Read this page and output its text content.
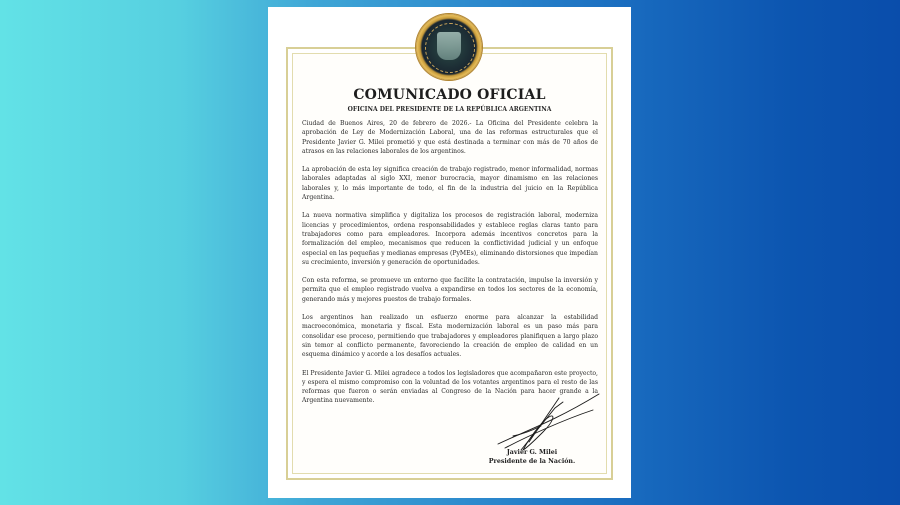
COMUNICADO OFICIAL
OFICINA DEL PRESIDENTE DE LA REPÚBLICA ARGENTINA

Ciudad de Buenos Aires, 20 de febrero de 2026.- La Oficina del Presidente celebra la aprobación de Ley de Modernización Laboral, una de las reformas estructurales que el Presidente Javier G. Milei prometió y que está destinada a terminar con más de 70 años de atrasos en las relaciones laborales de los argentinos.

La aprobación de esta ley significa creación de trabajo registrado, menor informalidad, normas laborales adaptadas al siglo XXI, menor burocracia, mayor dinamismo en las relaciones laborales y, lo más importante de todo, el fin de la industria del juicio en la República Argentina.

La nueva normativa simplifica y digitaliza los procesos de registración laboral, moderniza licencias y procedimientos, ordena responsabilidades y establece reglas claras tanto para trabajadores como para empleadores. Incorpora además incentivos concretos para la formalización del empleo, mecanismos que reducen la conflictividad judicial y un enfoque especial en las pequeñas y medianas empresas (PyMEs), eliminando distorsiones que impedían su crecimiento, inversión y generación de oportunidades.

Con esta reforma, se promueve un entorno que facilite la contratación, impulse la inversión y permita que el empleo registrado vuelva a expandirse en todos los sectores de la economía, generando más y mejores puestos de trabajo formales.

Los argentinos han realizado un esfuerzo enorme para alcanzar la estabilidad macroeconómica, monetaria y fiscal. Esta modernización laboral es un paso más para consolidar ese proceso, permitiendo que trabajadores y empleadores planifiquen a largo plazo sin temor al conflicto permanente, favoreciendo la creación de empleo de calidad en un esquema dinámico y acorde a los desafíos actuales.

El Presidente Javier G. Milei agradece a todos los legisladores que acompañaron este proyecto, y espera el mismo compromiso con la voluntad de los votantes argentinos para el resto de las reformas que fueron o serán enviadas al Congreso de la Nación para hacer grande a la Argentina nuevamente.

Javier G. Milei
Presidente de la Nación.
